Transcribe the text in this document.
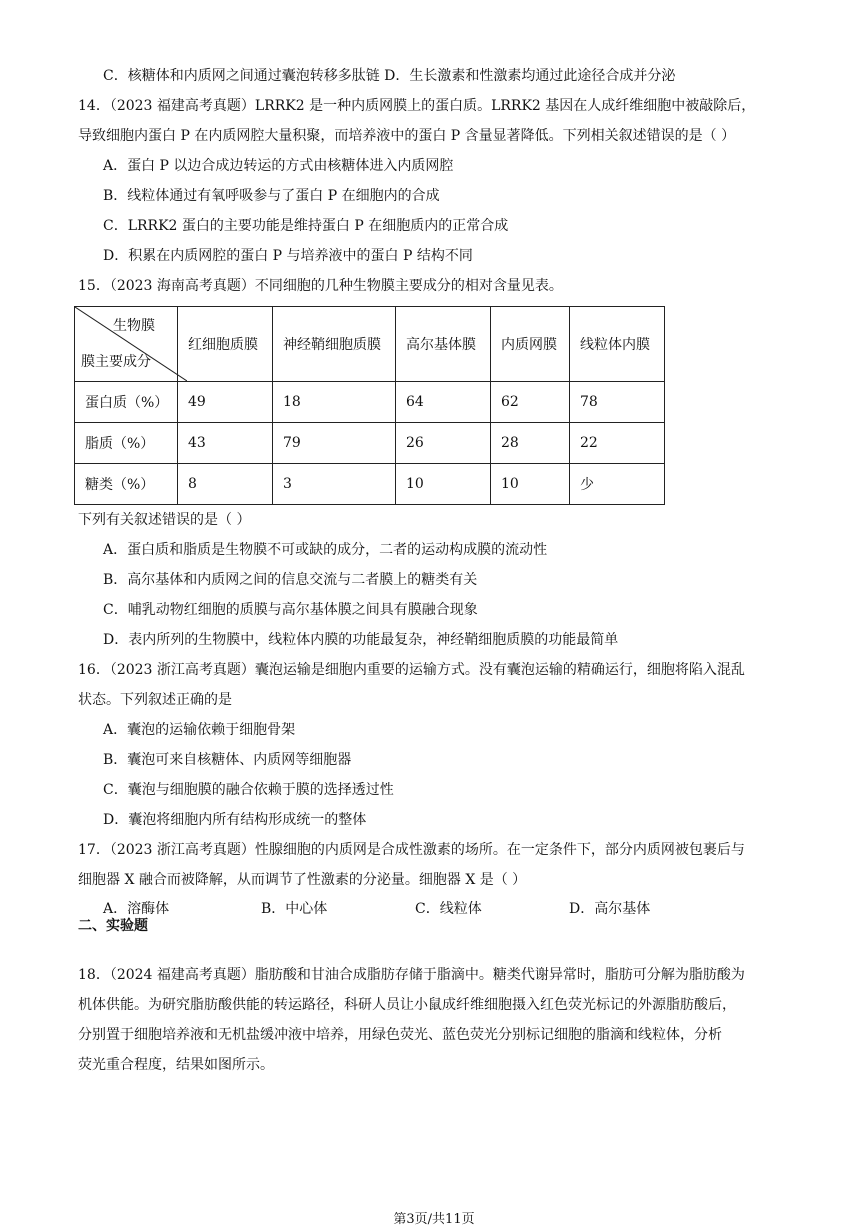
C．核糖体和内质网之间通过囊泡转移多肽链 D．生长激素和性激素均通过此途径合成并分泌
14．（2023 福建高考真题）LRRK2 是一种内质网膜上的蛋白质。LRRK2 基因在人成纤维细胞中被敲除后，
导致细胞内蛋白 P 在内质网腔大量积聚，而培养液中的蛋白 P 含量显著降低。下列相关叙述错误的是（ ）
A．蛋白 P 以边合成边转运的方式由核糖体进入内质网腔
B．线粒体通过有氧呼吸参与了蛋白 P 在细胞内的合成
C．LRRK2 蛋白的主要功能是维持蛋白 P 在细胞质内的正常合成
D．积累在内质网腔的蛋白 P 与培养液中的蛋白 P 结构不同
15．（2023 海南高考真题）不同细胞的几种生物膜主要成分的相对含量见表。
生物膜
膜主要成分	红细胞质膜	神经鞘细胞质膜	高尔基体膜	内质网膜	线粒体内膜
蛋白质（%）	49	18	64	62	78
脂质（%）	43	79	26	28	22
糖类（%）	8	3	10	10	少
下列有关叙述错误的是（ ）
A．蛋白质和脂质是生物膜不可或缺的成分，二者的运动构成膜的流动性
B．高尔基体和内质网之间的信息交流与二者膜上的糖类有关
C．哺乳动物红细胞的质膜与高尔基体膜之间具有膜融合现象
D．表内所列的生物膜中，线粒体内膜的功能最复杂，神经鞘细胞质膜的功能最简单
16．（2023 浙江高考真题）囊泡运输是细胞内重要的运输方式。没有囊泡运输的精确运行，细胞将陷入混乱
状态。下列叙述正确的是
A．囊泡的运输依赖于细胞骨架
B．囊泡可来自核糖体、内质网等细胞器
C．囊泡与细胞膜的融合依赖于膜的选择透过性
D．囊泡将细胞内所有结构形成统一的整体
17．（2023 浙江高考真题）性腺细胞的内质网是合成性激素的场所。在一定条件下，部分内质网被包裹后与
细胞器 X 融合而被降解，从而调节了性激素的分泌量。细胞器 X 是（ ）
A．溶酶体	B．中心体	C．线粒体	D．高尔基体
二、实验题
18．（2024 福建高考真题）脂肪酸和甘油合成脂肪存储于脂滴中。糖类代谢异常时，脂肪可分解为脂肪酸为
机体供能。为研究脂肪酸供能的转运路径，科研人员让小鼠成纤维细胞摄入红色荧光标记的外源脂肪酸后，
分别置于细胞培养液和无机盐缓冲液中培养，用绿色荧光、蓝色荧光分别标记细胞的脂滴和线粒体，分析
荧光重合程度，结果如图所示。
第3页/共11页
